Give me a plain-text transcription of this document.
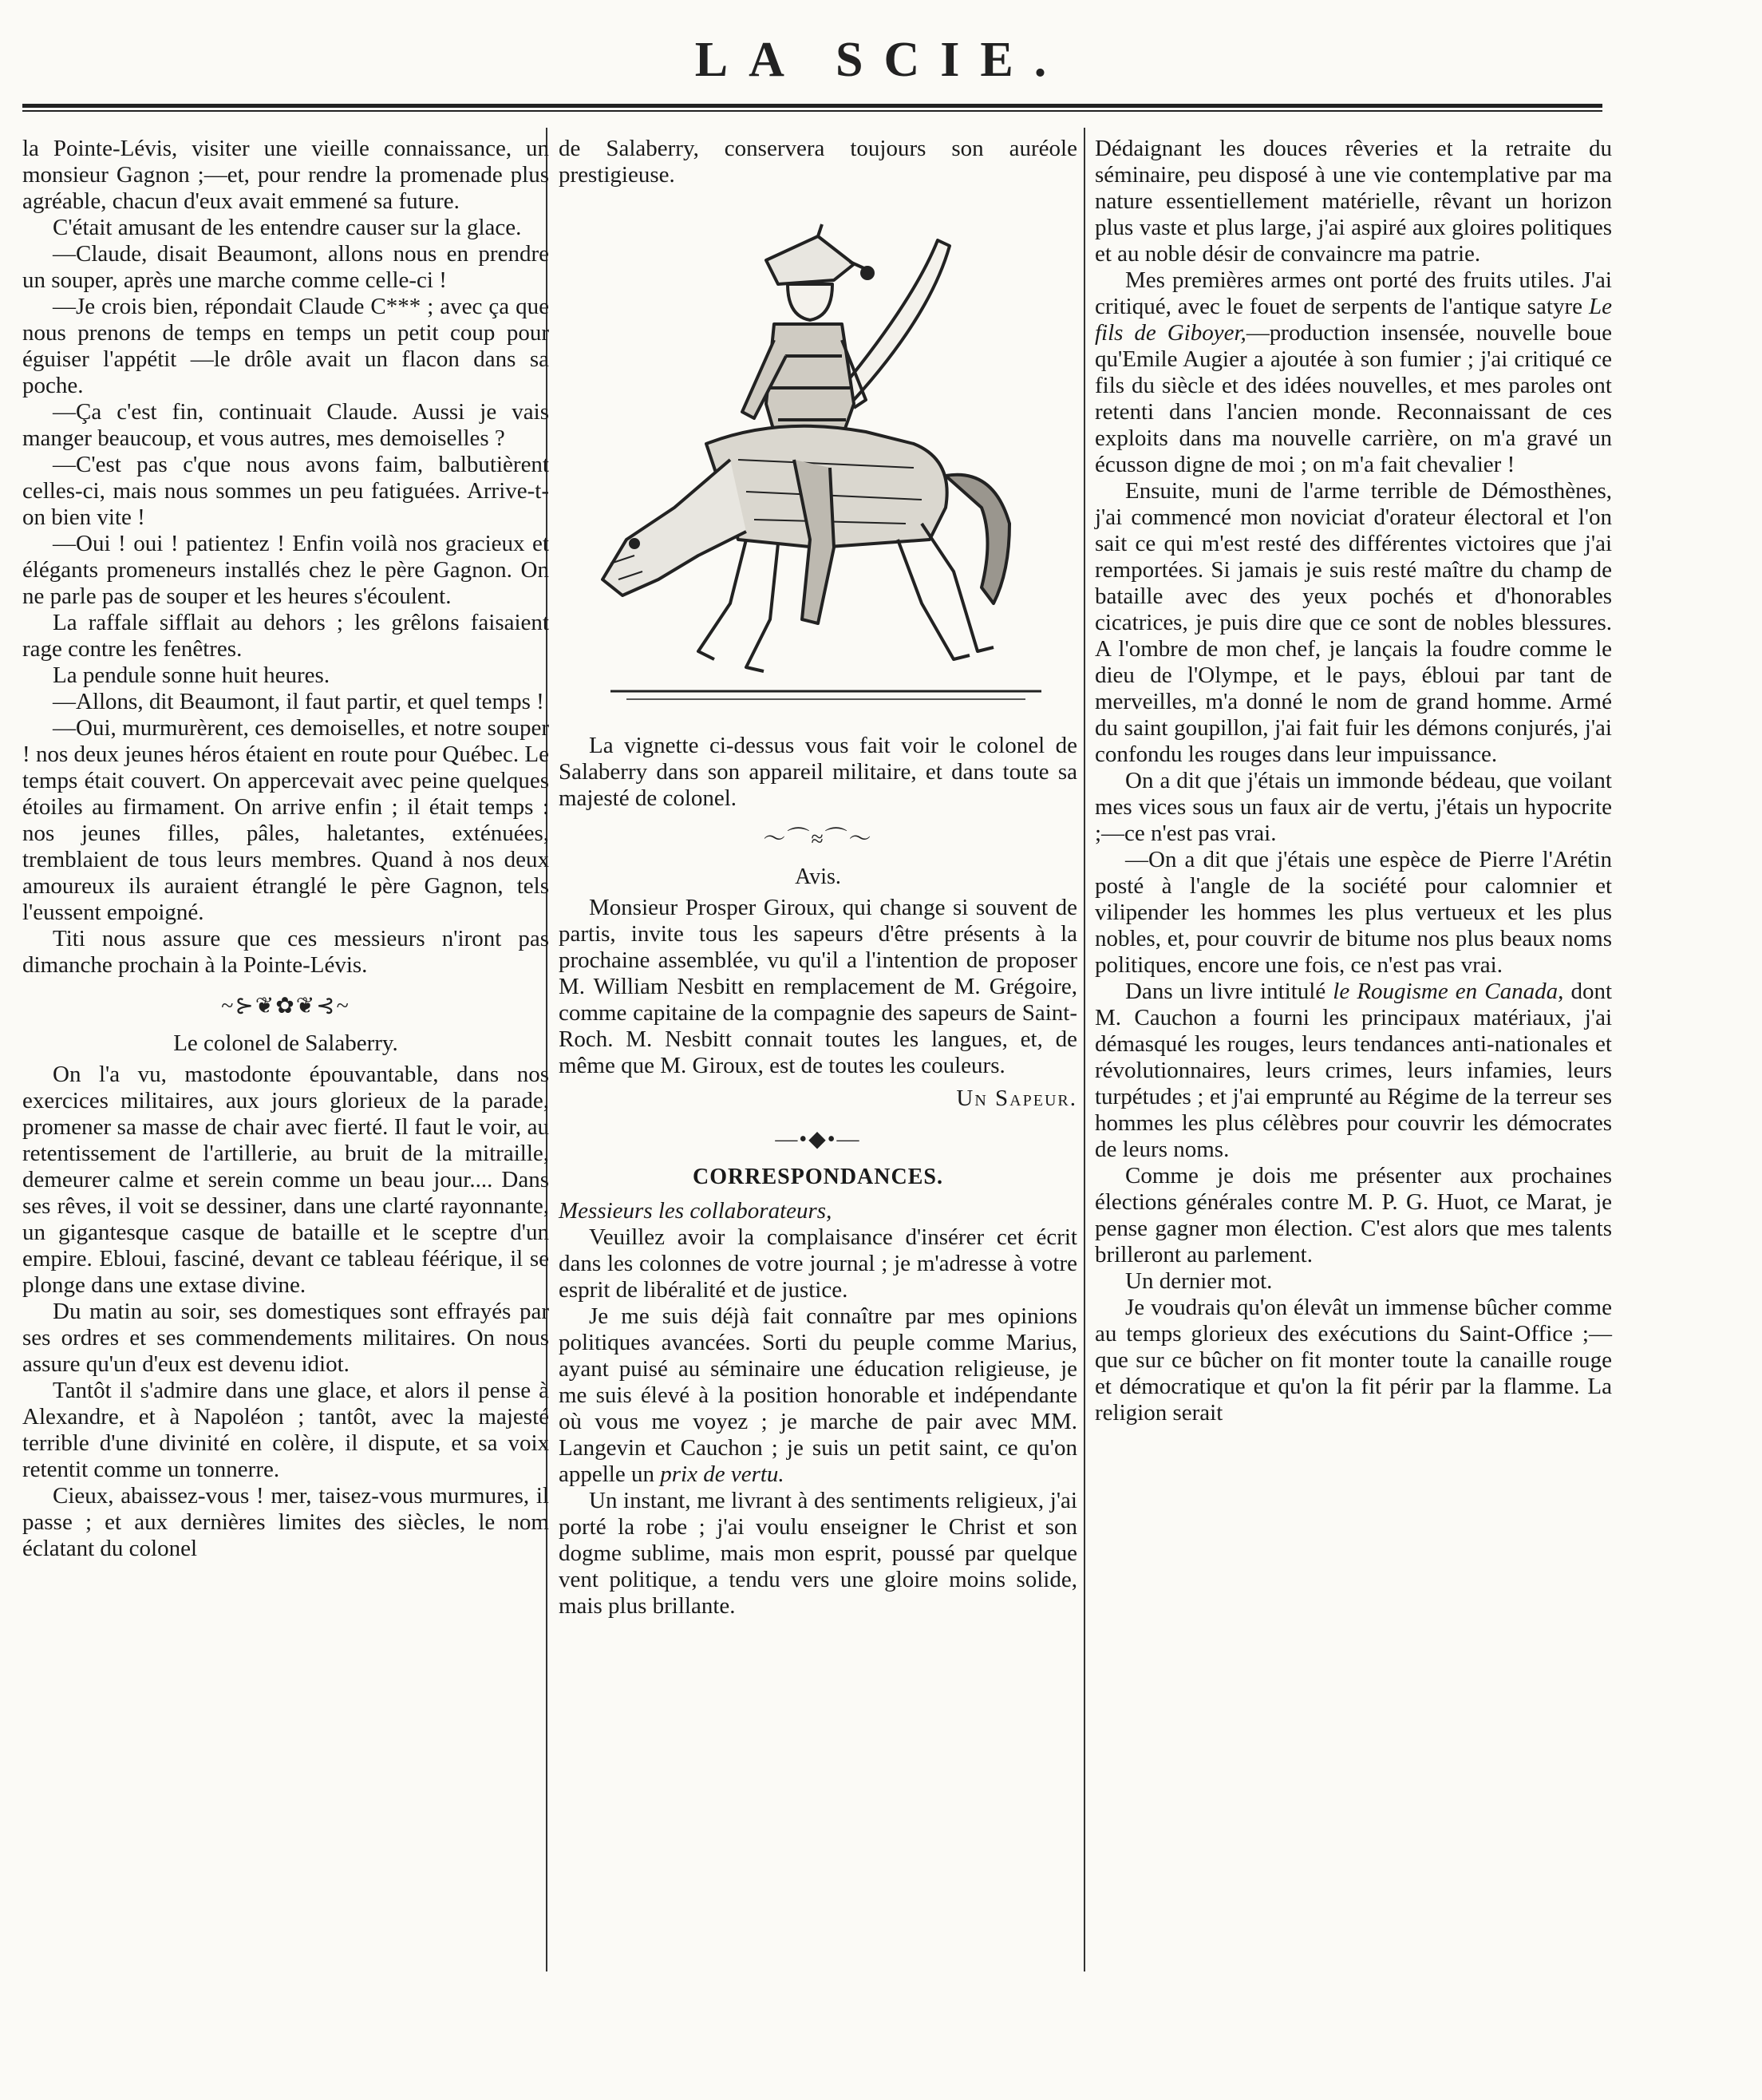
LA SCIE.

la Pointe-Lévis, visiter une vieille connaissance, un monsieur Gagnon ;—et, pour rendre la promenade plus agréable, chacun d'eux avait emmené sa future.

C'était amusant de les entendre causer sur la glace.

—Claude, disait Beaumont, allons nous en prendre un souper, après une marche comme celle-ci !

—Je crois bien, répondait Claude C*** ; avec ça que nous prenons de temps en temps un petit coup pour éguiser l'appétit —le drôle avait un flacon dans sa poche.

—Ça c'est fin, continuait Claude. Aussi je vais manger beaucoup, et vous autres, mes demoiselles ?

—C'est pas c'que nous avons faim, balbutièrent celles-ci, mais nous sommes un peu fatiguées. Arrive-t-on bien vite !

—Oui ! oui ! patientez ! Enfin voilà nos gracieux et élégants promeneurs installés chez le père Gagnon. On ne parle pas de souper et les heures s'écoulent.

La raffale sifflait au dehors ; les grêlons faisaient rage contre les fenêtres.

La pendule sonne huit heures.

—Allons, dit Beaumont, il faut partir, et quel temps !

—Oui, murmurèrent, ces demoiselles, et notre souper ! nos deux jeunes héros étaient en route pour Québec. Le temps était couvert. On appercevait avec peine quelques étoiles au firmament. On arrive enfin ; il était temps : nos jeunes filles, pâles, haletantes, exténuées, tremblaient de tous leurs membres. Quand à nos deux amoureux ils auraient étranglé le père Gagnon, tels l'eussent empoigné.

Titi nous assure que ces messieurs n'iront pas dimanche prochain à la Pointe-Lévis.

~⊱❦✿❦⊰~

Le colonel de Salaberry.

On l'a vu, mastodonte épouvantable, dans nos exercices militaires, aux jours glorieux de la parade, promener sa masse de chair avec fierté. Il faut le voir, au retentissement de l'artillerie, au bruit de la mitraille, demeurer calme et serein comme un beau jour.... Dans ses rêves, il voit se dessiner, dans une clarté rayonnante, un gigantesque casque de bataille et le sceptre d'un empire. Ebloui, fasciné, devant ce tableau féérique, il se plonge dans une extase divine.

Du matin au soir, ses domestiques sont effrayés par ses ordres et ses commendements militaires. On nous assure qu'un d'eux est devenu idiot.

Tantôt il s'admire dans une glace, et alors il pense à Alexandre, et à Napoléon ; tantôt, avec la majesté terrible d'une divinité en colère, il dispute, et sa voix retentit comme un tonnerre.

Cieux, abaissez-vous ! mer, taisez-vous murmures, il passe ; et aux dernières limites des siècles, le nom éclatant du colonel

de Salaberry, conservera toujours son auréole prestigieuse.

La vignette ci-dessus vous fait voir le colonel de Salaberry dans son appareil militaire, et dans toute sa majesté de colonel.

～⌒≈⌒～

Avis.

Monsieur Prosper Giroux, qui change si souvent de partis, invite tous les sapeurs d'être présents à la prochaine assemblée, vu qu'il a l'intention de proposer M. William Nesbitt en remplacement de M. Grégoire, comme capitaine de la compagnie des sapeurs de Saint-Roch. M. Nesbitt connait toutes les langues, et, de même que M. Giroux, est de toutes les couleurs.

Un Sapeur.

—•◆•—

CORRESPONDANCES.

Messieurs les collaborateurs,

Veuillez avoir la complaisance d'insérer cet écrit dans les colonnes de votre journal ; je m'adresse à votre esprit de libéralité et de justice.

Je me suis déjà fait connaître par mes opinions politiques avancées. Sorti du peuple comme Marius, ayant puisé au séminaire une éducation religieuse, je me suis élevé à la position honorable et indépendante où vous me voyez ; je marche de pair avec MM. Langevin et Cauchon ; je suis un petit saint, ce qu'on appelle un prix de vertu.

Un instant, me livrant à des sentiments religieux, j'ai porté la robe ; j'ai voulu enseigner le Christ et son dogme sublime, mais mon esprit, poussé par quelque vent politique, a tendu vers une gloire moins solide, mais plus brillante.

Dédaignant les douces rêveries et la retraite du séminaire, peu disposé à une vie contemplative par ma nature essentiellement matérielle, rêvant un horizon plus vaste et plus large, j'ai aspiré aux gloires politiques et au noble désir de convaincre ma patrie.

Mes premières armes ont porté des fruits utiles. J'ai critiqué, avec le fouet de serpents de l'antique satyre Le fils de Giboyer,—production insensée, nouvelle boue qu'Emile Augier a ajoutée à son fumier ; j'ai critiqué ce fils du siècle et des idées nouvelles, et mes paroles ont retenti dans l'ancien monde. Reconnaissant de ces exploits dans ma nouvelle carrière, on m'a gravé un écusson digne de moi ; on m'a fait chevalier !

Ensuite, muni de l'arme terrible de Démosthènes, j'ai commencé mon noviciat d'orateur électoral et l'on sait ce qui m'est resté des différentes victoires que j'ai remportées. Si jamais je suis resté maître du champ de bataille avec des yeux pochés et d'honorables cicatrices, je puis dire que ce sont de nobles blessures. A l'ombre de mon chef, je lançais la foudre comme le dieu de l'Olympe, et le pays, ébloui par tant de merveilles, m'a donné le nom de grand homme. Armé du saint goupillon, j'ai fait fuir les démons conjurés, j'ai confondu les rouges dans leur impuissance.

On a dit que j'étais un immonde bédeau, que voilant mes vices sous un faux air de vertu, j'étais un hypocrite ;—ce n'est pas vrai.

—On a dit que j'étais une espèce de Pierre l'Arétin posté à l'angle de la société pour calomnier et vilipender les hommes les plus vertueux et les plus nobles, et, pour couvrir de bitume nos plus beaux noms politiques, encore une fois, ce n'est pas vrai.

Dans un livre intitulé le Rougisme en Canada, dont M. Cauchon a fourni les principaux matériaux, j'ai démasqué les rouges, leurs tendances anti-nationales et révolutionnaires, leurs crimes, leurs infamies, leurs turpétudes ; et j'ai emprunté au Régime de la terreur ses hommes les plus célèbres pour couvrir les démocrates de leurs noms.

Comme je dois me présenter aux prochaines élections générales contre M. P. G. Huot, ce Marat, je pense gagner mon élection. C'est alors que mes talents brilleront au parlement.

Un dernier mot.

Je voudrais qu'on élevât un immense bûcher comme au temps glorieux des exécutions du Saint-Office ;—que sur ce bûcher on fit monter toute la canaille rouge et démocratique et qu'on la fit périr par la flamme. La religion serait
